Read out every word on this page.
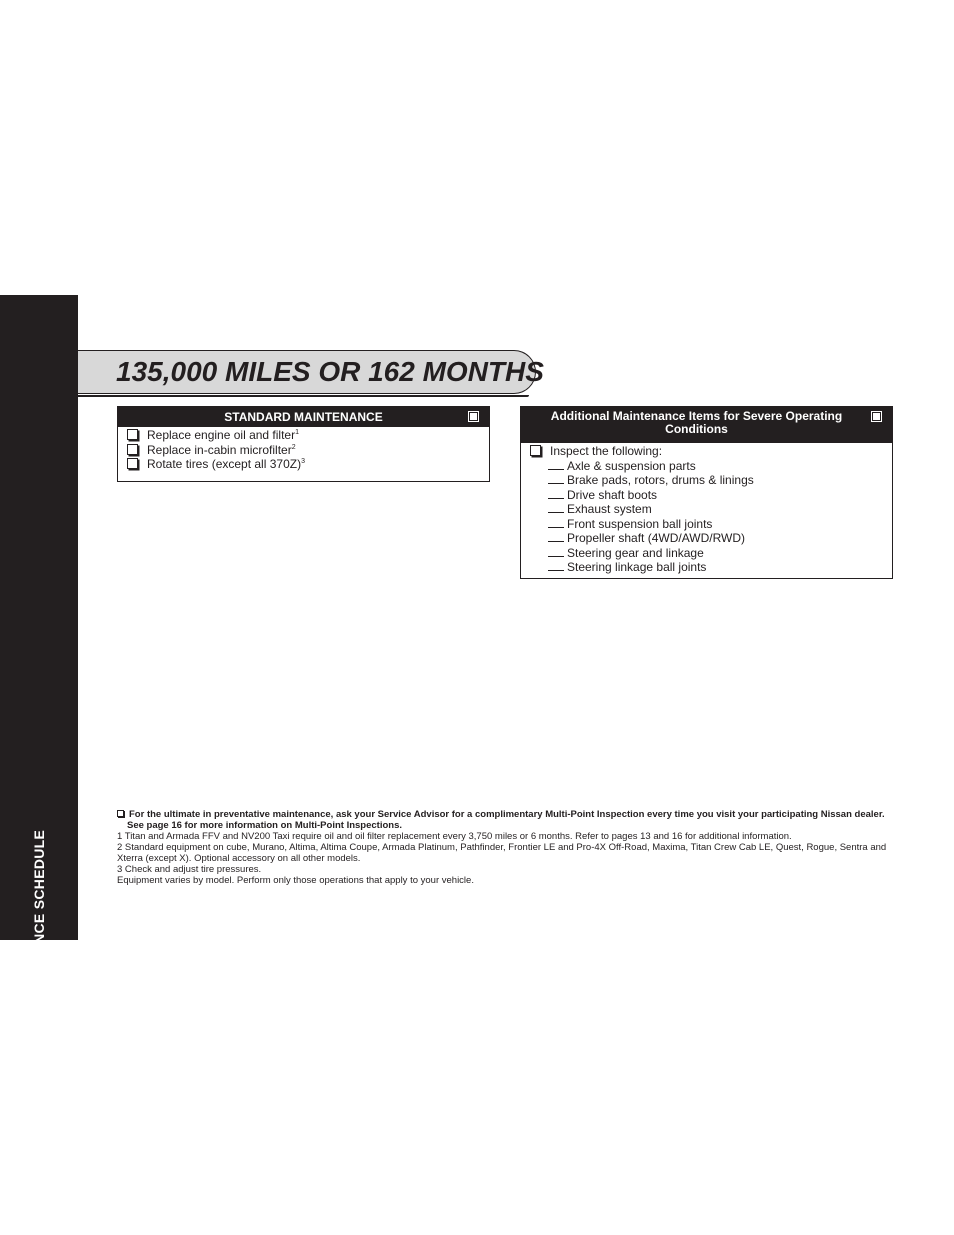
MAINTENANCE SCHEDULE
50
135,000 MILES OR 162 MONTHS
STANDARD MAINTENANCE
Replace engine oil and filter$^1$
Replace in-cabin microfilter$^2$
Rotate tires (except all 370Z)$^3$
Additional Maintenance Items for Severe Operating Conditions
Inspect the following:
Axle & suspension parts
Brake pads, rotors, drums & linings
Drive shaft boots
Exhaust system
Front suspension ball joints
Propeller shaft (4WD/AWD/RWD)
Steering gear and linkage
Steering linkage ball joints

For the ultimate in preventative maintenance, ask your Service Advisor for a complimentary Multi-Point Inspection every time you visit your participating Nissan dealer. See page 16 for more information on Multi-Point Inspections.

1 Titan and Armada FFV and NV200 Taxi require oil and oil filter replacement every 3,750 miles or 6 months. Refer to pages 13 and 16 for additional information.

2 Standard equipment on cube, Murano, Altima, Altima Coupe, Armada Platinum, Pathfinder, Frontier LE and Pro-4X Off-Road, Maxima, Titan Crew Cab LE, Quest, Rogue, Sentra and Xterra (except X). Optional accessory on all other models.

3 Check and adjust tire pressures.

Equipment varies by model. Perform only those operations that apply to your vehicle.
